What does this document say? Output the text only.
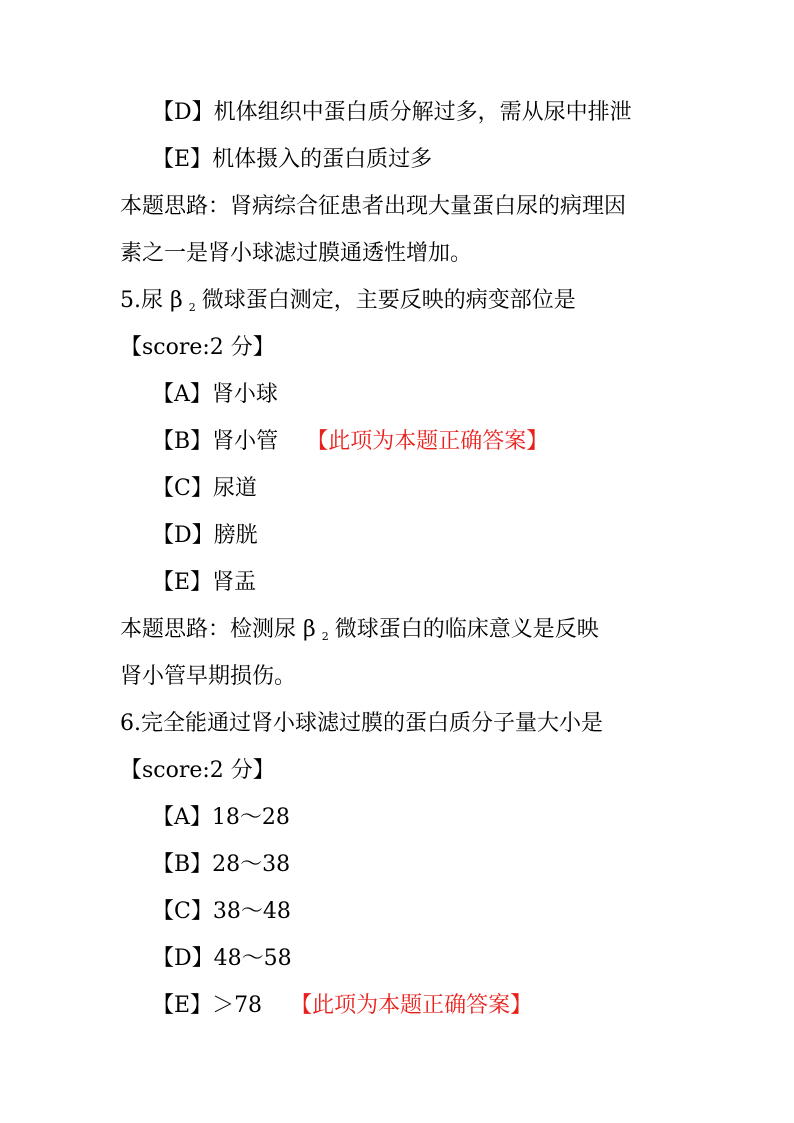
【D】机体组织中蛋白质分解过多，需从尿中排泄
【E】机体摄入的蛋白质过多
本题思路：肾病综合征患者出现大量蛋白尿的病理因
素之一是肾小球滤过膜通透性增加。
5.尿 β 2 微球蛋白测定，主要反映的病变部位是
【score:2 分】
【A】肾小球
【B】肾小管 【此项为本题正确答案】
【C】尿道
【D】膀胱
【E】肾盂
本题思路：检测尿 β 2 微球蛋白的临床意义是反映
肾小管早期损伤。
6.完全能通过肾小球滤过膜的蛋白质分子量大小是
【score:2 分】
【A】18～28
【B】28～38
【C】38～48
【D】48～58
【E】＞78 【此项为本题正确答案】
